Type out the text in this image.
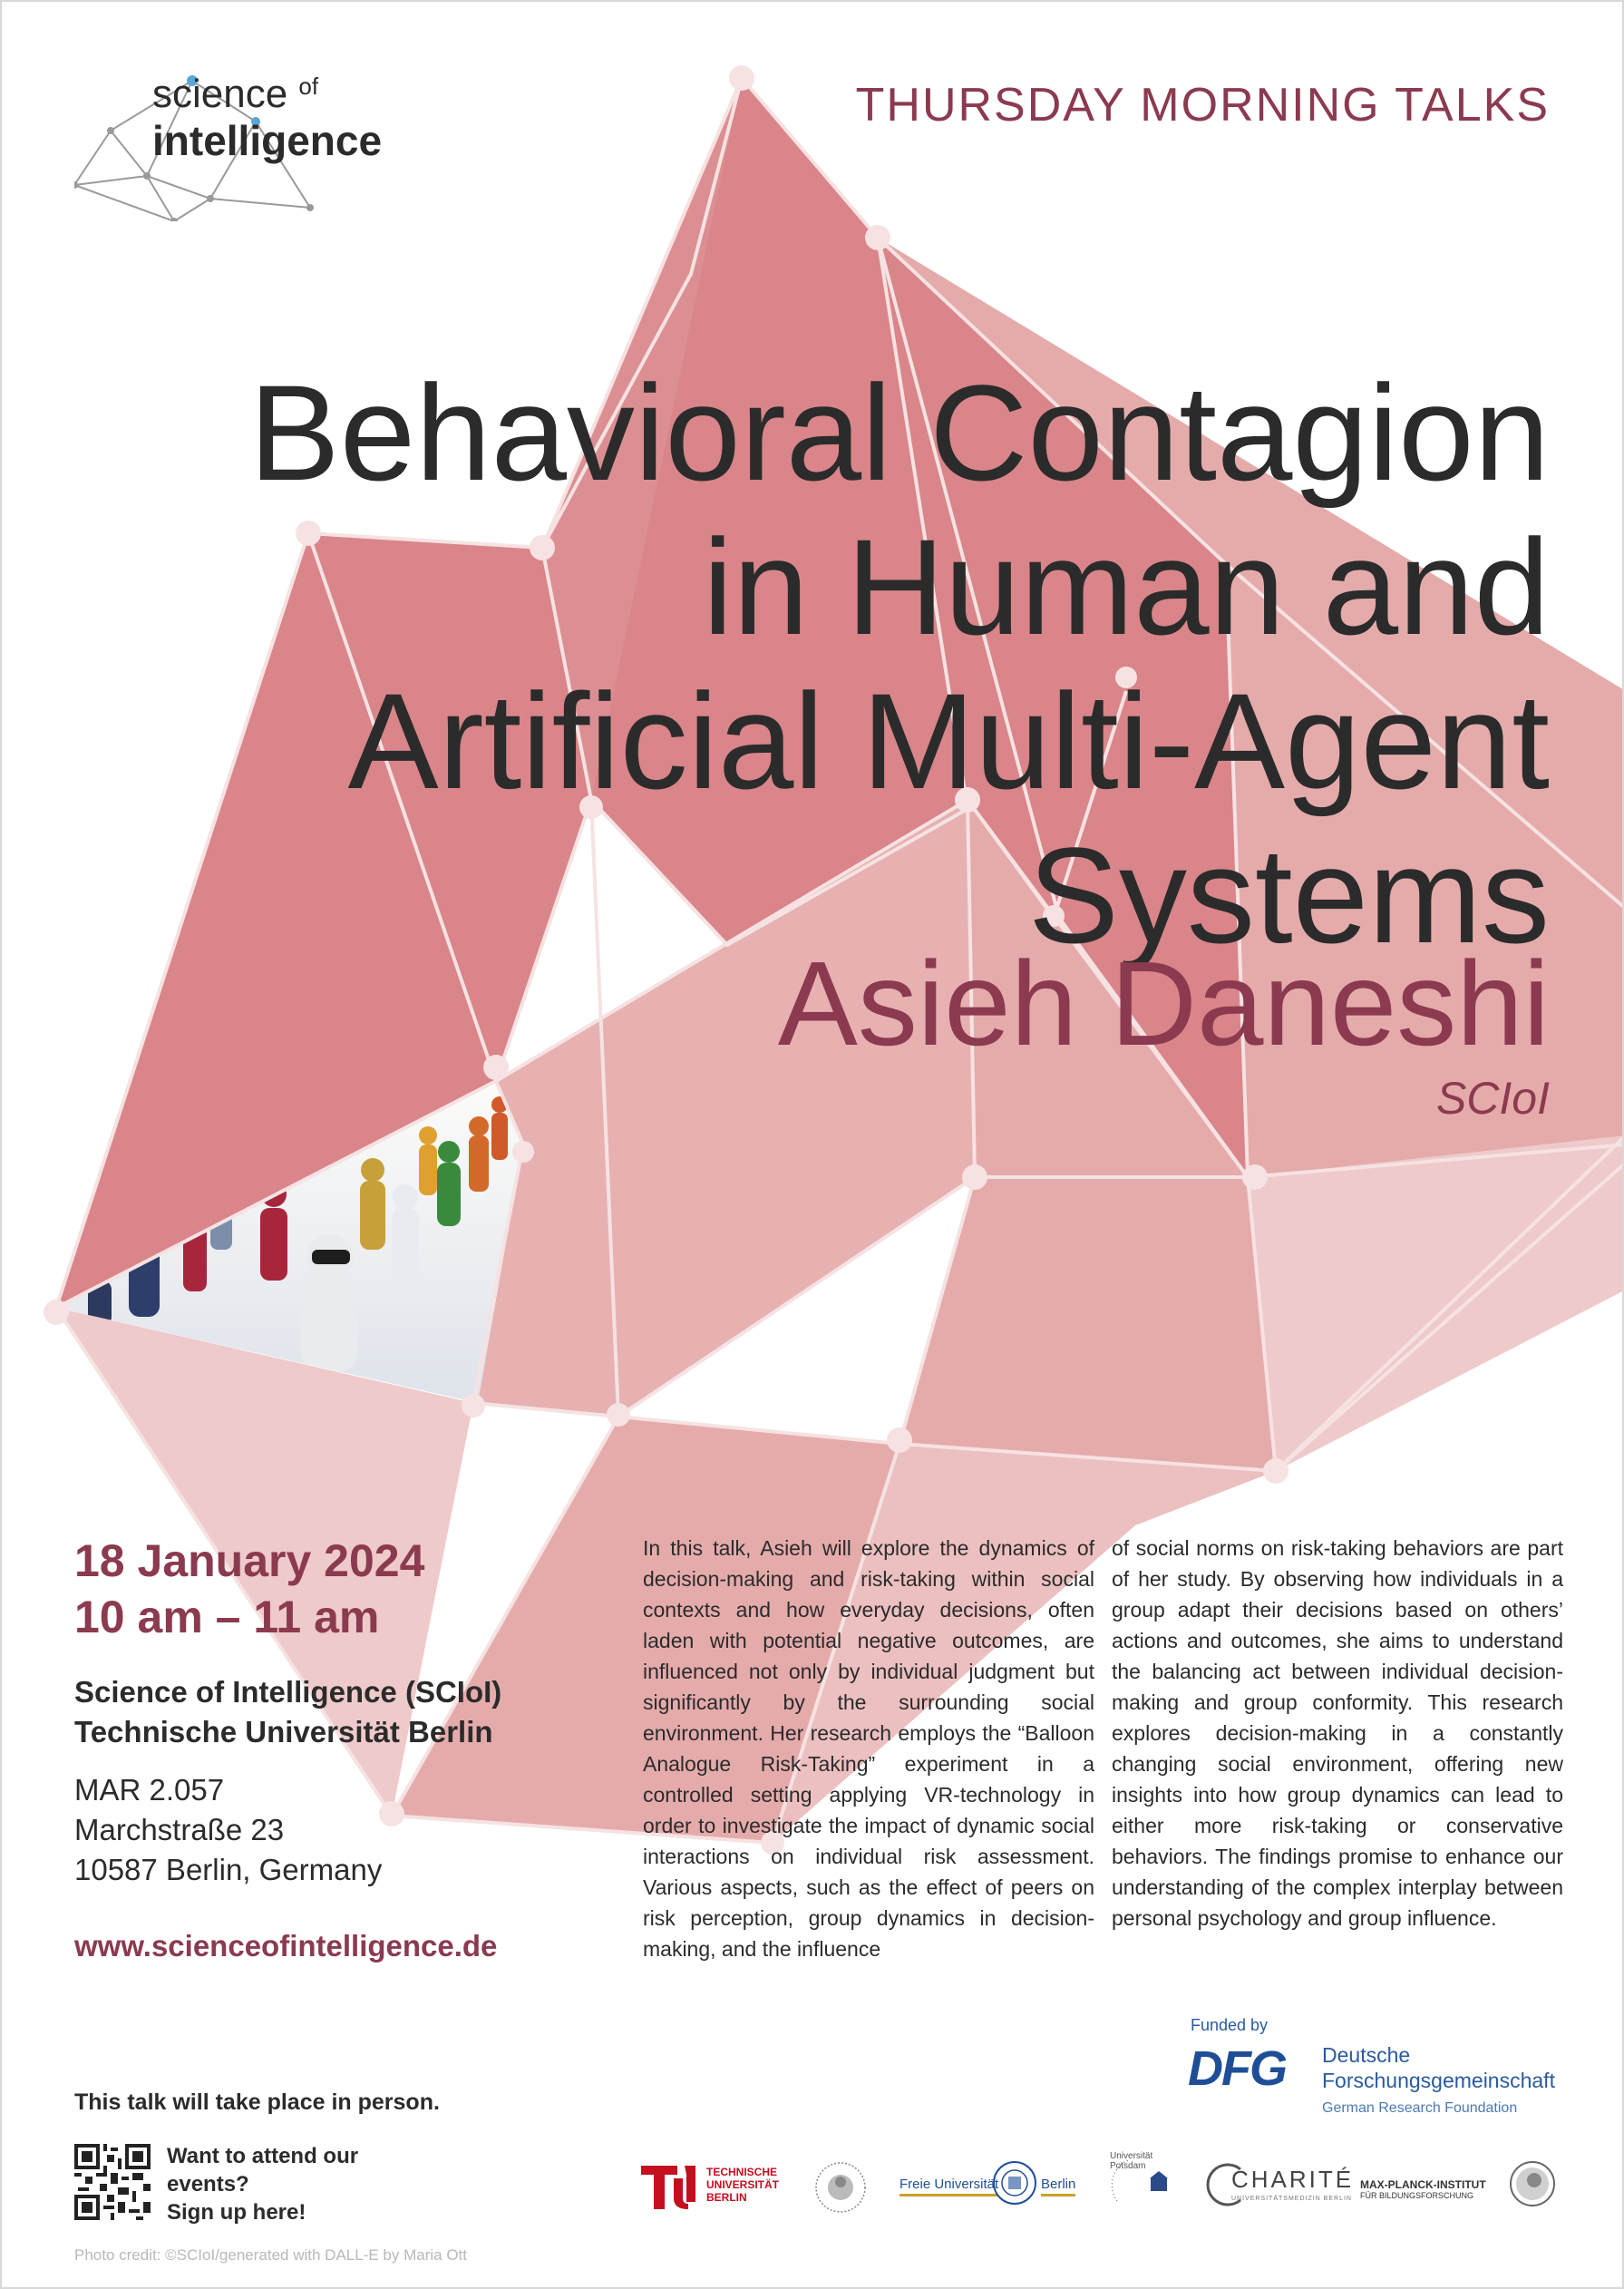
science $^{of}$
intelligence
THURSDAY MORNING TALKS
Behavioral Contagion
in Human and
Artificial Multi-Agent
Systems
Asieh Daneshi
SCIoI
18 January 2024
10 am – 11 am
Science of Intelligence (SCIoI)
Technische Universität Berlin
MAR 2.057
Marchstraße 23
10587 Berlin, Germany
www.scienceofintelligence.de
In this talk, Asieh will explore the dynamics of decision-making and risk-taking within social contexts and how everyday decisions, often laden with potential negative outcomes, are influenced not only by individual judgment but significantly by the surrounding social environment. Her research employs the “Balloon Analogue Risk-Taking” experiment in a controlled setting applying VR-technology in order to investigate the impact of dynamic social interactions on individual risk assessment. Various aspects, such as the effect of peers on risk perception, group dynamics in decision-making, and the influence
of social norms on risk-taking behaviors are part of her study. By observing how individuals in a group adapt their decisions based on others’ actions and outcomes, she aims to understand the balancing act between individual decision-making and group conformity. This research explores decision-making in a constantly changing social environment, offering new insights into how group dynamics can lead to either more risk-taking or conservative behaviors. The findings promise to enhance our understanding of the complex interplay between personal psychology and group influence.
This talk will take place in person.
Want to attend our
events?
Sign up here!
Photo credit: ©SCIoI/generated with DALL-E by Maria Ott
Funded by
DFG Deutsche
Forschungsgemeinschaft
German Research Foundation
TECHNISCHE
UNIVERSITÄT
BERLIN
Freie Universität	Berlin
Universität Potsdam	CHARITÉ
UNIVERSITÄTSMEDIZIN BERLIN
MAX-PLANCK-INSTITUT
FÜR BILDUNGSFORSCHUNG
